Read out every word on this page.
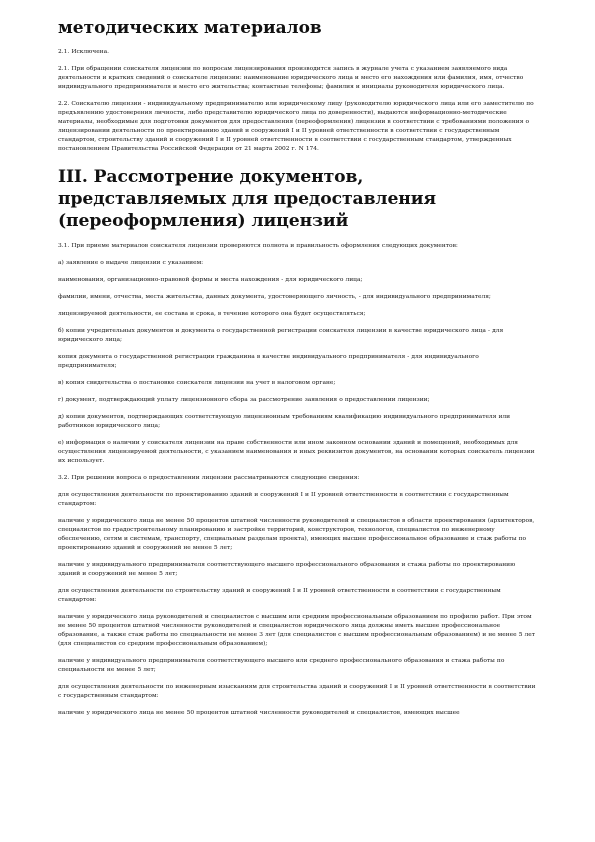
методических материалов

2.1. Исключена.

2.1. При обращении соискателя лицензии по вопросам лицензирования производится запись в журнале учета с указанием заявляемого вида деятельности и кратких сведений о соискателе лицензии: наименование юридического лица и место его нахождения или фамилия, имя, отчество индивидуального предпринимателя и место его жительства; контактные телефоны; фамилия и инициалы руководителя юридического лица.

2.2. Соискателю лицензии - индивидуальному предпринимателю или юридическому лицу (руководителю юридического лица или его заместителю по предъявлению удостоверения личности, либо представителю юридического лица по доверенности), выдаются информационно-методические материалы, необходимые для подготовки документов для предоставления (переоформления) лицензии в соответствии с требованиями положения о лицензировании деятельности по проектированию зданий и сооружений I и II уровней ответственности в соответствии с государственным стандартом, строительству зданий и сооружений I и II уровней ответственности в соответствии с государственным стандартом, утвержденных постановлением Правительства Российской Федерации от 21 марта 2002 г. N 174.

III. Рассмотрение документов, представляемых для предоставления (переоформления) лицензий

3.1. При приеме материалов соискателя лицензии проверяются полнота и правильность оформления следующих документов:

а) заявление о выдаче лицензии с указанием:

наименования, организационно-правовой формы и места нахождения - для юридического лица;

фамилии, имени, отчества, места жительства, данных документа, удостоверяющего личность, - для индивидуального предпринимателя;

лицензируемой деятельности, ее состава и срока, в течение которого она будет осуществляться;

б) копии учредительных документов и документа о государственной регистрации соискателя лицензии в качестве юридического лица - для юридического лица;

копия документа о государственной регистрации гражданина в качестве индивидуального предпринимателя - для индивидуального предпринимателя;

в) копия свидетельства о постановке соискателя лицензии на учет в налоговом органе;

г) документ, подтверждающий уплату лицензионного сбора за рассмотрение заявления о предоставлении лицензии;

д) копии документов, подтверждающих соответствующую лицензионным требованиям квалификацию индивидуального предпринимателя или работников юридического лица;

е) информация о наличии у соискателя лицензии на праве собственности или ином законном основании зданий и помещений, необходимых для осуществления лицензируемой деятельности, с указанием наименования и иных реквизитов документов, на основании которых соискатель лицензии их использует.

3.2. При решении вопроса о предоставлении лицензии рассматриваются следующие сведения:

для осуществления деятельности по проектированию зданий и сооружений I и II уровней ответственности в соответствии с государственным стандартом:

наличие у юридического лица не менее 50 процентов штатной численности руководителей и специалистов в области проектирования (архитекторов, специалистов по градостроительному планированию и застройке территорий, конструкторов, технологов, специалистов по инженерному обеспечению, сетям и системам, транспорту, специальным разделам проекта), имеющих высшее профессиональное образование и стаж работы по проектированию зданий и сооружений не менее 5 лет;

наличие у индивидуального предпринимателя соответствующего высшего профессионального образования и стажа работы по проектированию зданий и сооружений не менее 5 лет;

для осуществления деятельности по строительству зданий и сооружений I и II уровней ответственности в соответствии с государственным стандартом:

наличие у юридического лица руководителей и специалистов с высшим или средним профессиональным образованием по профилю работ. При этом не менее 50 процентов штатной численности руководителей и специалистов юридического лица должны иметь высшее профессиональное образование, а также стаж работы по специальности не менее 3 лет (для специалистов с высшим профессиональным образованием) и не менее 5 лет (для специалистов со средним профессиональным образованием);

наличие у индивидуального предпринимателя соответствующего высшего или среднего профессионального образования и стажа работы по специальности не менее 5 лет;

для осуществления деятельности по инженерным изысканиям для строительства зданий и сооружений I и II уровней ответственности в соответствии с государственным стандартом:

наличие у юридического лица не менее 50 процентов штатной численности руководителей и специалистов, имеющих высшее
